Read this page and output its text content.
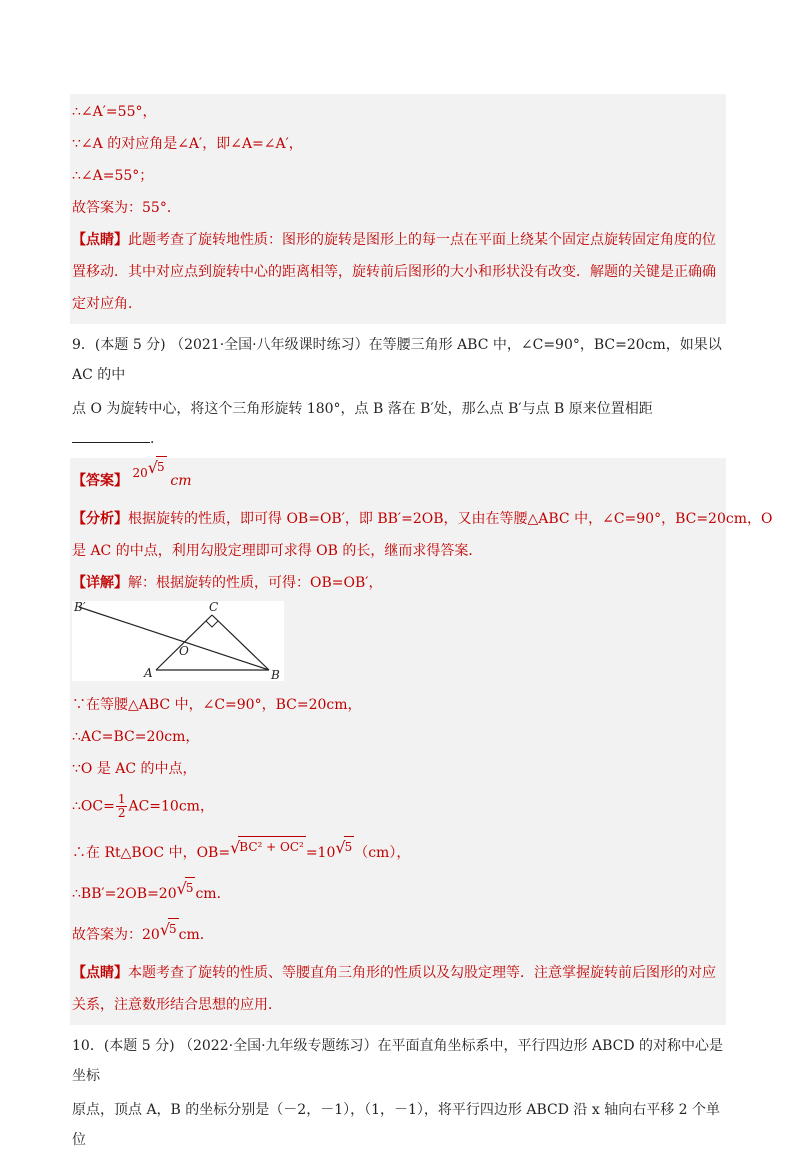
∴∠A′=55°，
∵∠A 的对应角是∠A′，即∠A=∠A′，
∴∠A=55°；
故答案为：55°．
【点睛】此题考查了旋转地性质：图形的旋转是图形上的每一点在平面上绕某个固定点旋转固定角度的位
置移动．其中对应点到旋转中心的距离相等，旋转前后图形的大小和形状没有改变．解题的关键是正确确
定对应角．
9．(本题 5 分) （2021·全国·八年级课时练习）在等腰三角形 ABC 中，∠C=90°，BC=20cm，如果以 AC 的中
点 O 为旋转中心，将这个三角形旋转 180°，点 B 落在 B′处，那么点 B′与点 B 原来位置相距．
【答案】 20√5 cm
【分析】根据旋转的性质，即可得 OB=OB′，即 BB′=2OB，又由在等腰△ABC 中，∠C=90°，BC=20cm，O
是 AC 的中点，利用勾股定理即可求得 OB 的长，继而求得答案．
【详解】解：根据旋转的性质，可得：OB=OB′，
B′	C
O
A	B
∵在等腰△ABC 中，∠C=90°，BC=20cm，
∴AC=BC=20cm，
∵O 是 AC 的中点，
∴OC= $\frac{1}{2} AC=10cm$，
∴在 Rt△BOC 中，OB=√BC² + OC² =10√5 （cm），
∴BB′=2OB=20√5 cm．
故答案为：20√5 cm．
【点睛】本题考查了旋转的性质、等腰直角三角形的性质以及勾股定理等．注意掌握旋转前后图形的对应
关系，注意数形结合思想的应用．
10．(本题 5 分) （2022·全国·九年级专题练习）在平面直角坐标系中，平行四边形 ABCD 的对称中心是坐标
原点，顶点 A，B 的坐标分别是（－2，－1），（1，－1），将平行四边形 ABCD 沿 x 轴向右平移 2 个单位
